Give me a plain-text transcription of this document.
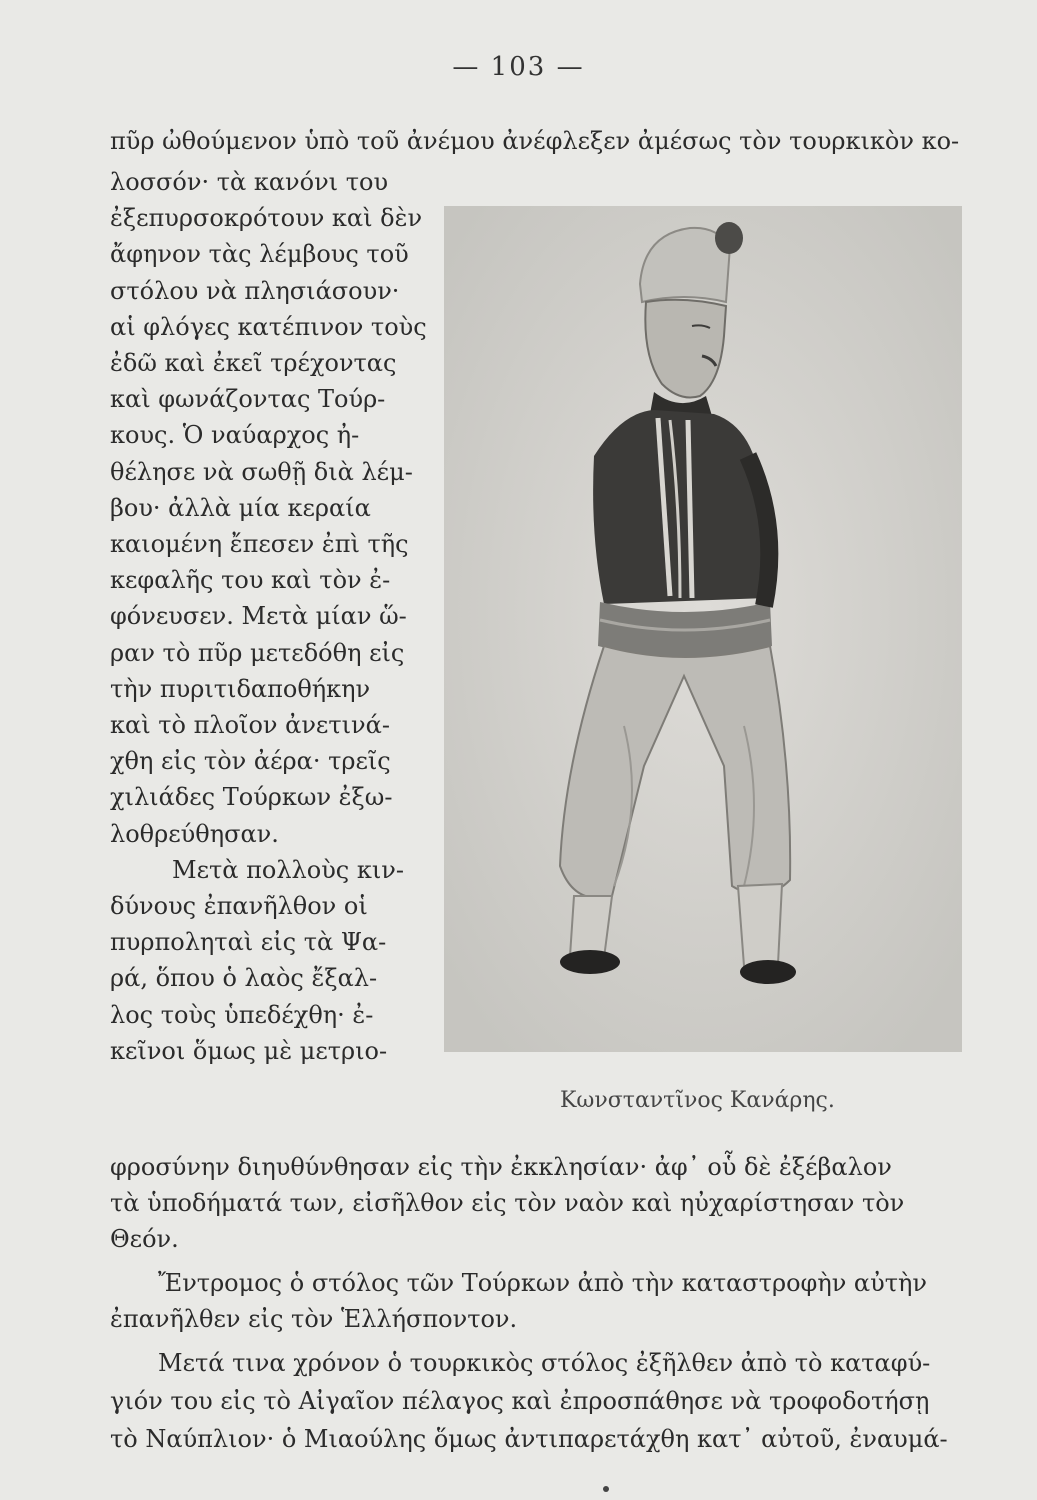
— 103 —
πῦρ ὠθούμενον ὑπὸ τοῦ ἀνέμου ἀνέφλεξεν ἀμέσως τὸν τουρκικὸν κο-
λοσσόν· τὰ κανόνι του
ἐξεπυρσοκρότουν καὶ δὲν
ἄφηνον τὰς λέμβους τοῦ
στόλου νὰ πλησιάσουν·
αἱ φλόγες κατέπινον τοὺς
ἐδῶ καὶ ἐκεῖ τρέχοντας
καὶ φωνάζοντας Τούρ-
κους. Ὁ ναύαρχος ἠ-
θέλησε νὰ σωθῇ διὰ λέμ-
βου· ἀλλὰ μία κεραία
καιομένη ἔπεσεν ἐπὶ τῆς
κεφαλῆς του καὶ τὸν ἐ-
φόνευσεν. Μετὰ μίαν ὥ-
ραν τὸ πῦρ μετεδόθη εἰς
τὴν πυριτιδαποθήκην
καὶ τὸ πλοῖον ἀνετινά-
χθη εἰς τὸν ἀέρα· τρεῖς
χιλιάδες Τούρκων ἐξω-
λοθρεύθησαν.
Μετὰ πολλοὺς κιν-
δύνους ἐπανῆλθον οἱ
πυρποληταὶ εἰς τὰ Ψα-
ρά, ὅπου ὁ λαὸς ἔξαλ-
λος τοὺς ὑπεδέχθη· ἐ-
κεῖνοι ὅμως μὲ μετριο-
Κωνσταντῖνος Κανάρης.
φροσύνην διηυθύνθησαν εἰς τὴν ἐκκλησίαν· ἀφ᾽ οὗ δὲ ἐξέβαλον
τὰ ὑποδήματά των, εἰσῆλθον εἰς τὸν ναὸν καὶ ηὐχαρίστησαν τὸν
Θεόν.
Ἔντρομος ὁ στόλος τῶν Τούρκων ἀπὸ τὴν καταστροφὴν αὐτὴν
ἐπανῆλθεν εἰς τὸν Ἑλλήσποντον.
Μετά τινα χρόνον ὁ τουρκικὸς στόλος ἐξῆλθεν ἀπὸ τὸ καταφύ-
γιόν του εἰς τὸ Αἰγαῖον πέλαγος καὶ ἐπροσπάθησε νὰ τροφοδοτήσῃ
τὸ Ναύπλιον· ὁ Μιαούλης ὅμως ἀντιπαρετάχθη κατ᾽ αὐτοῦ, ἐναυμά-
